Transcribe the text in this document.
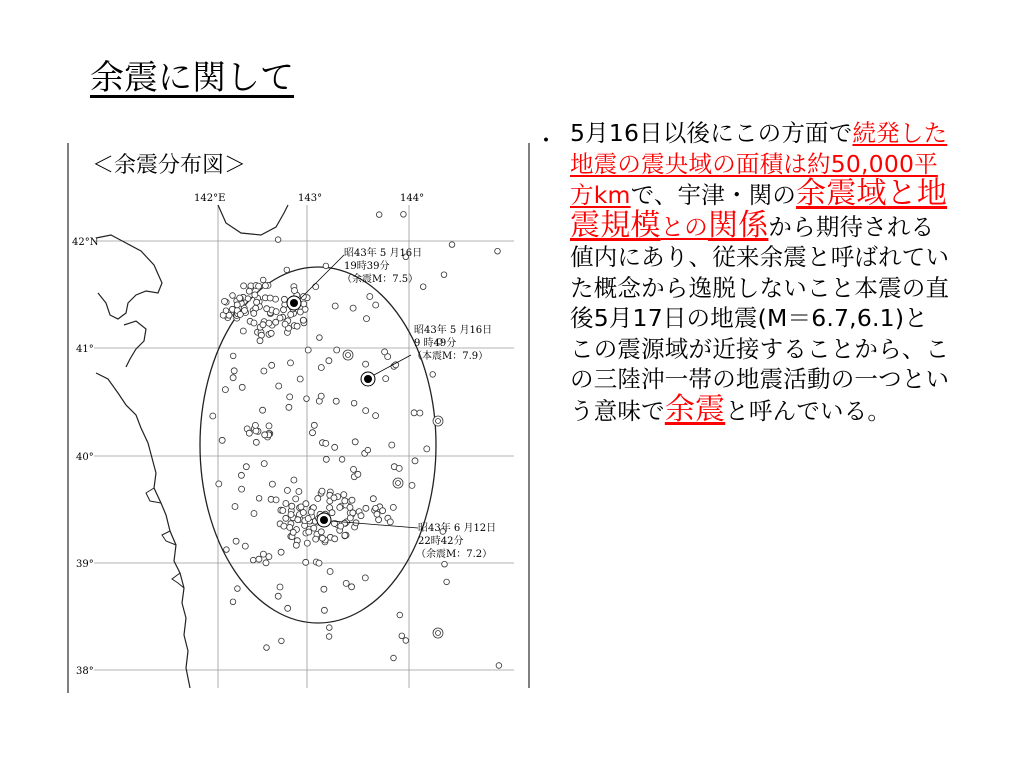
余震に関して
＜余震分布図＞
142°E	143°	144°
42°N
41°
40°
39°
38°
昭43年 5 月16日
19時39分
（余震M：7.5）
昭43年 5 月16日
9 時49分
（本震M：7.9）
昭43年 6 月12日
22時42分
（余震M：7.2）
・ 5月16日以後にこの方面で続発した地震の震央域の面積は約50,000平方kmで、宇津・関の余震域と地震規模との関係から期待される値内にあり、従来余震と呼ばれていた概念から逸脱しないこと本震の直後5月17日の地震(M＝6.7,6.1)とこの震源域が近接することから、この三陸沖一帯の地震活動の一つという意味で余震と呼んでいる。
